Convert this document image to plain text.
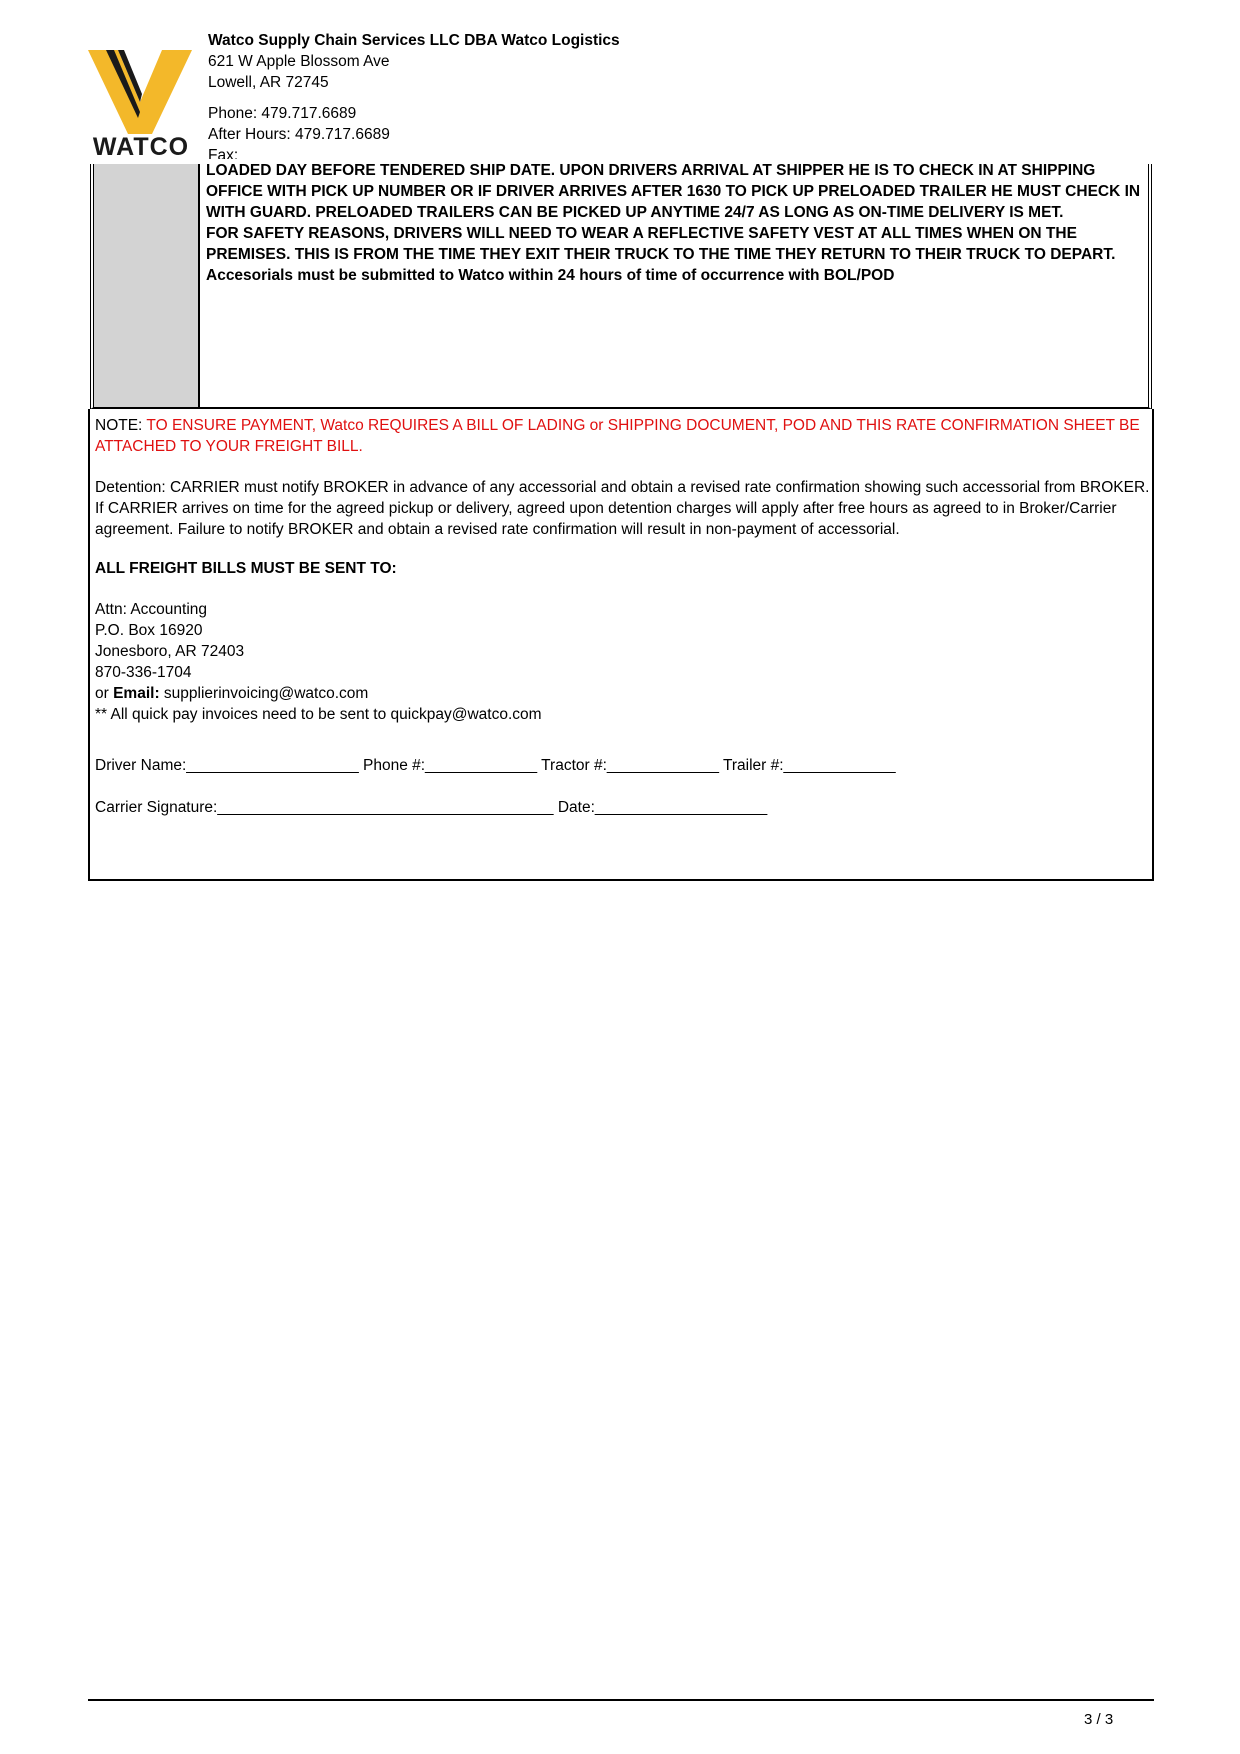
WATCO
Watco Supply Chain Services LLC DBA Watco Logistics
621 W Apple Blossom Ave
Lowell, AR 72745
Phone: 479.717.6689
After Hours: 479.717.6689
Fax:
LOADED DAY BEFORE TENDERED SHIP DATE. UPON DRIVERS ARRIVAL AT SHIPPER HE IS TO CHECK IN AT SHIPPING OFFICE WITH PICK UP NUMBER OR IF DRIVER ARRIVES AFTER 1630 TO PICK UP PRELOADED TRAILER HE MUST CHECK IN WITH GUARD. PRELOADED TRAILERS CAN BE PICKED UP ANYTIME 24/7 AS LONG AS ON-TIME DELIVERY IS MET.
FOR SAFETY REASONS, DRIVERS WILL NEED TO WEAR A REFLECTIVE SAFETY VEST AT ALL TIMES WHEN ON THE PREMISES. THIS IS FROM THE TIME THEY EXIT THEIR TRUCK TO THE TIME THEY RETURN TO THEIR TRUCK TO DEPART.
Accesorials must be submitted to Watco within 24 hours of time of occurrence with BOL/POD

NOTE: TO ENSURE PAYMENT, Watco REQUIRES A BILL OF LADING or SHIPPING DOCUMENT, POD AND THIS RATE CONFIRMATION SHEET BE ATTACHED TO YOUR FREIGHT BILL.

Detention: CARRIER must notify BROKER in advance of any accessorial and obtain a revised rate confirmation showing such accessorial from BROKER. If CARRIER arrives on time for the agreed pickup or delivery, agreed upon detention charges will apply after free hours as agreed to in Broker/Carrier agreement. Failure to notify BROKER and obtain a revised rate confirmation will result in non-payment of accessorial.

ALL FREIGHT BILLS MUST BE SENT TO:

Attn: Accounting
P.O. Box 16920
Jonesboro, AR 72403
870-336-1704
or Email: supplierinvoicing@watco.com
** All quick pay invoices need to be sent to quickpay@watco.com
Driver Name:____________________ Phone #:_____________ Tractor #:_____________ Trailer #:_____________
Carrier Signature:_______________________________________ Date:____________________
3 / 3
